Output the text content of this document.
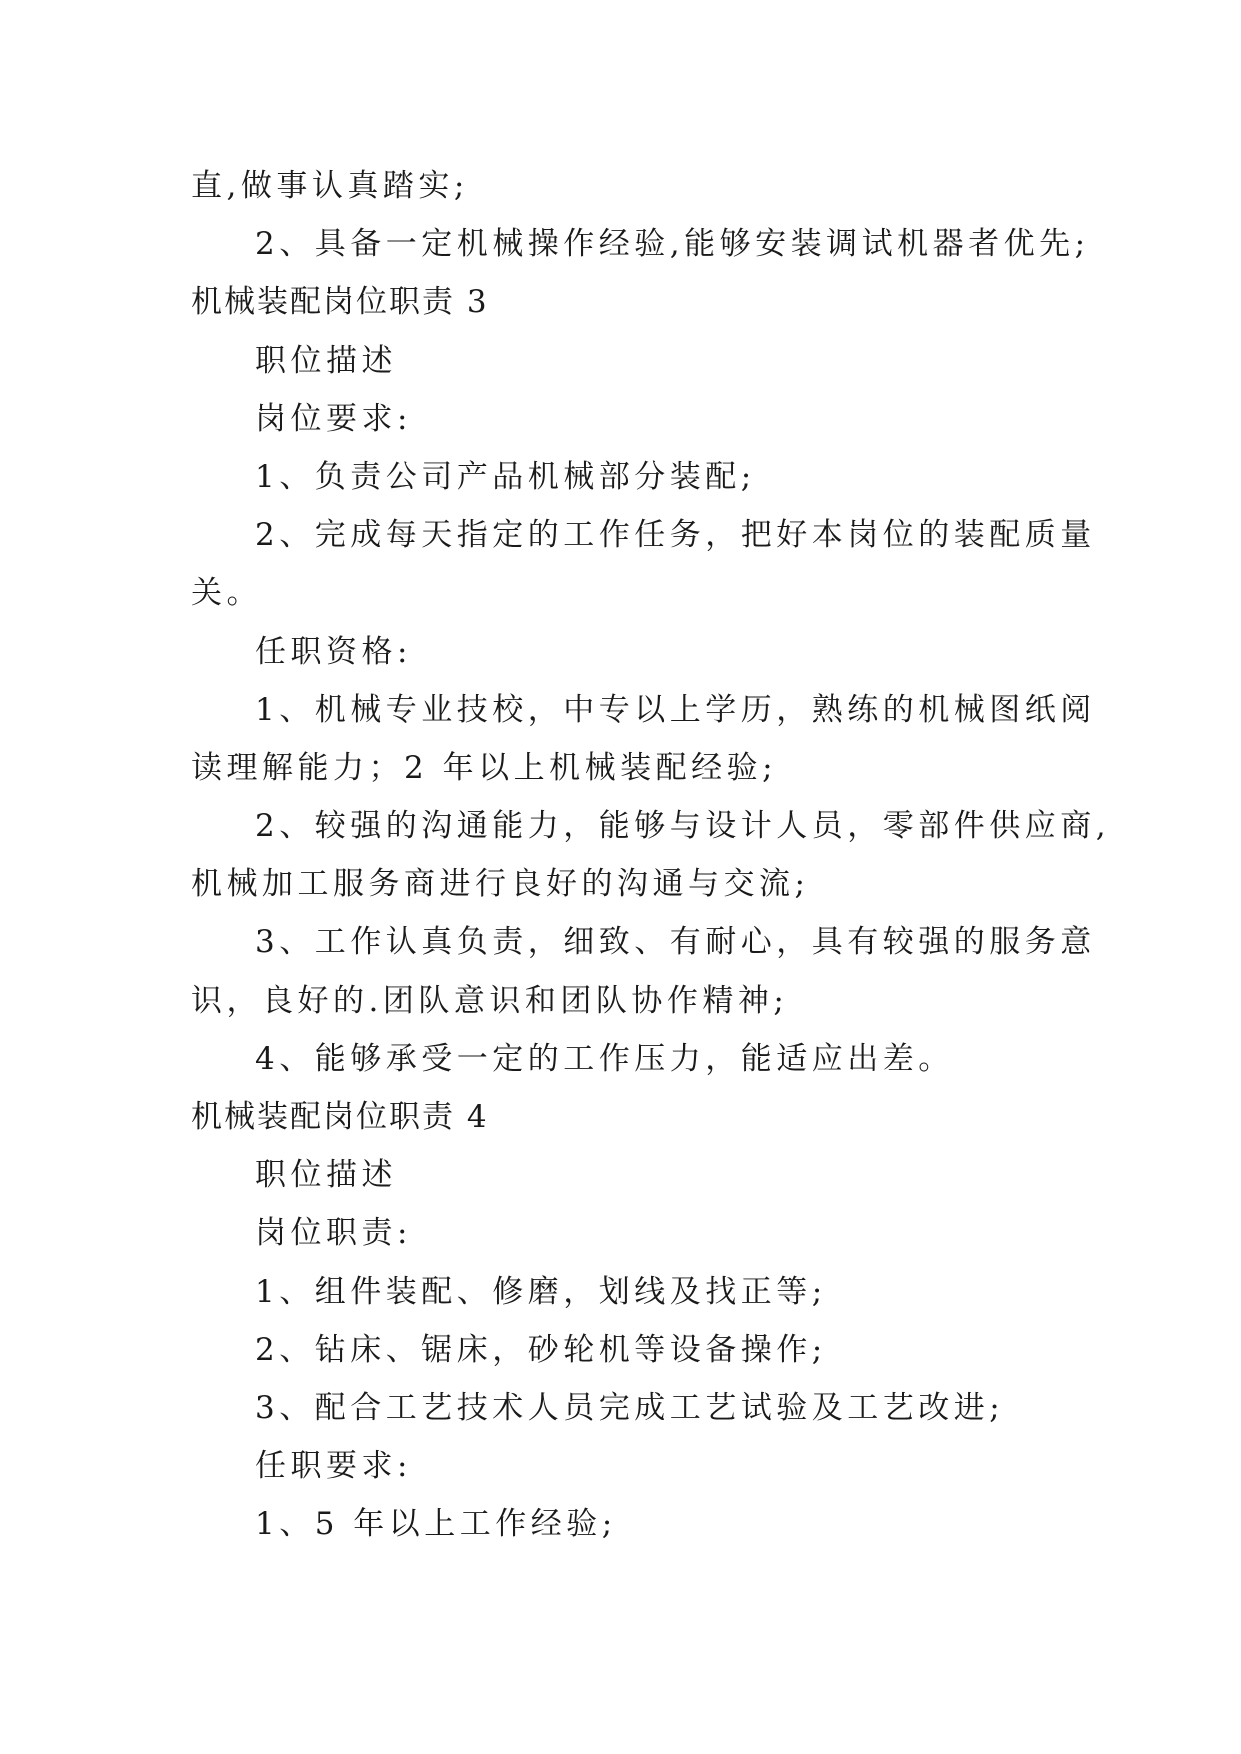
直,做事认真踏实;
2、具备一定机械操作经验,能够安装调试机器者优先;
机械装配岗位职责 3
职位描述
岗位要求:
1、负责公司产品机械部分装配;
2、完成每天指定的工作任务，把好本岗位的装配质量
关。
任职资格:
1、机械专业技校，中专以上学历，熟练的机械图纸阅
读理解能力；2 年以上机械装配经验;
2、较强的沟通能力，能够与设计人员，零部件供应商,
机械加工服务商进行良好的沟通与交流;
3、工作认真负责，细致、有耐心，具有较强的服务意
识，良好的.团队意识和团队协作精神;
4、能够承受一定的工作压力，能适应出差。
机械装配岗位职责 4
职位描述
岗位职责:
1、组件装配、修磨，划线及找正等;
2、钻床、锯床，砂轮机等设备操作;
3、配合工艺技术人员完成工艺试验及工艺改进;
任职要求:
1、5 年以上工作经验;
